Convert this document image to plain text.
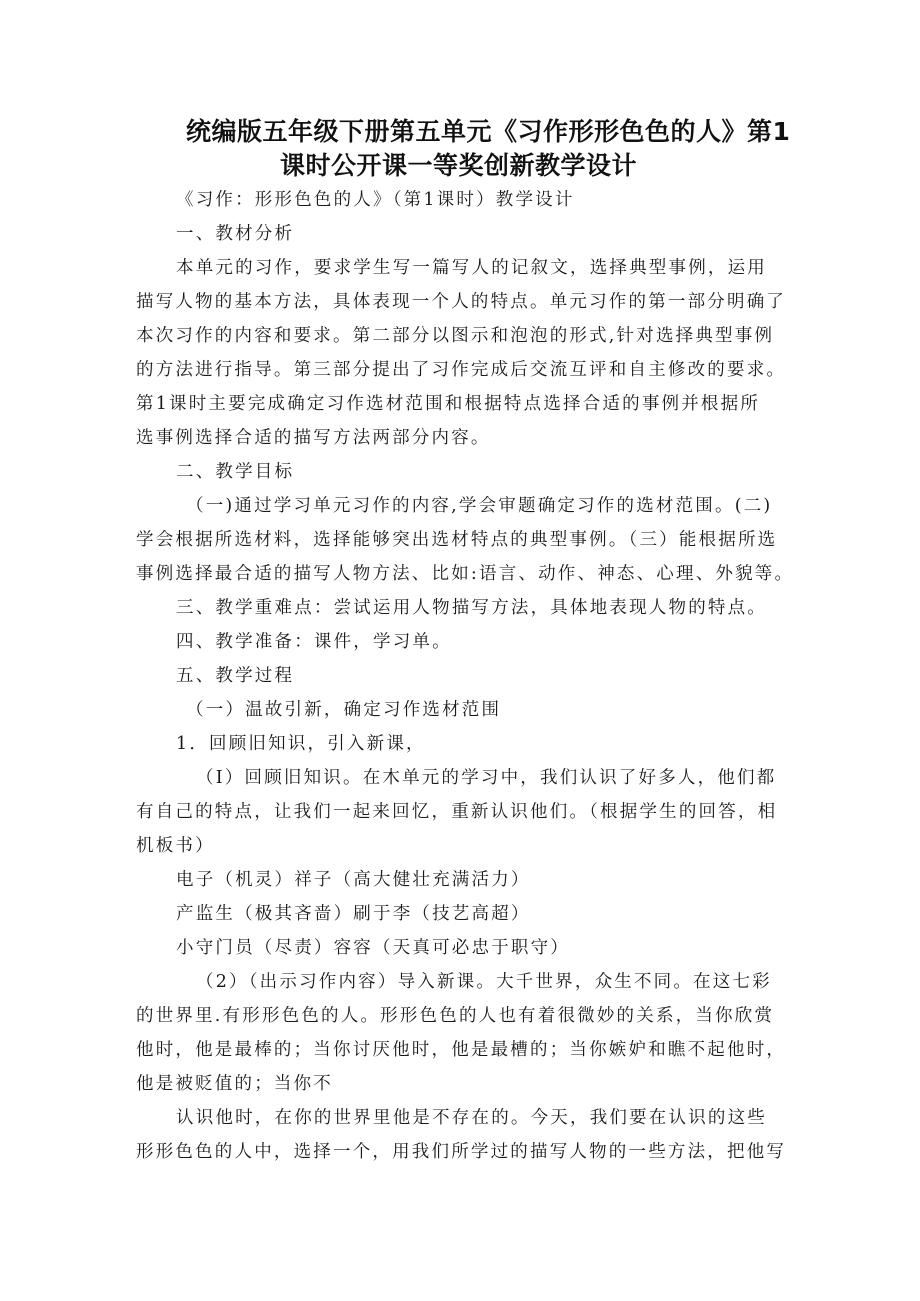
统编版五年级下册第五单元《习作形形色色的人》第1
课时公开课一等奖创新教学设计
《习作：形形色色的人》（第1课时）教学设计
一、教材分析
本单元的习作，要求学生写一篇写人的记叙文，选择典型事例，运用
描写人物的基本方法，具体表现一个人的特点。单元习作的第一部分明确了
本次习作的内容和要求。第二部分以图示和泡泡的形式,针对选择典型事例
的方法进行指导。第三部分提出了习作完成后交流互评和自主修改的要求。
第1课时主要完成确定习作选材范围和根据特点选择合适的事例并根据所
选事例选择合适的描写方法两部分内容。
二、教学目标
（一)通过学习单元习作的内容,学会审题确定习作的选材范围。(二)
学会根据所选材料，选择能够突出选材特点的典型事例。（三）能根据所选
事例选择最合适的描写人物方法、比如:语言、动作、神态、心理、外貌等。
三、教学重难点：尝试运用人物描写方法，具体地表现人物的特点。
四、教学准备：课件，学习单。
五、教学过程
（一）温故引新，确定习作选材范围
1．回顾旧知识，引入新课，
（I）回顾旧知识。在木单元的学习中，我们认识了好多人，他们都
有自己的特点，让我们一起来回忆，重新认识他们。（根据学生的回答，相
机板书）
电子（机灵）祥子（高大健壮充满活力）
产监生（极其吝啬）刷于李（技艺高超）
小守门员（尽责）容容（天真可必忠于职守）
（2）（出示习作内容）导入新课。大千世界，众生不同。在这七彩
的世界里.有形形色色的人。形形色色的人也有着很微妙的关系，当你欣赏
他时，他是最棒的；当你讨厌他时，他是最槽的；当你嫉妒和瞧不起他时，
他是被贬值的；当你不
认识他时，在你的世界里他是不存在的。今天，我们要在认识的这些
形形色色的人中，选择一个，用我们所学过的描写人物的一些方法，把他写
